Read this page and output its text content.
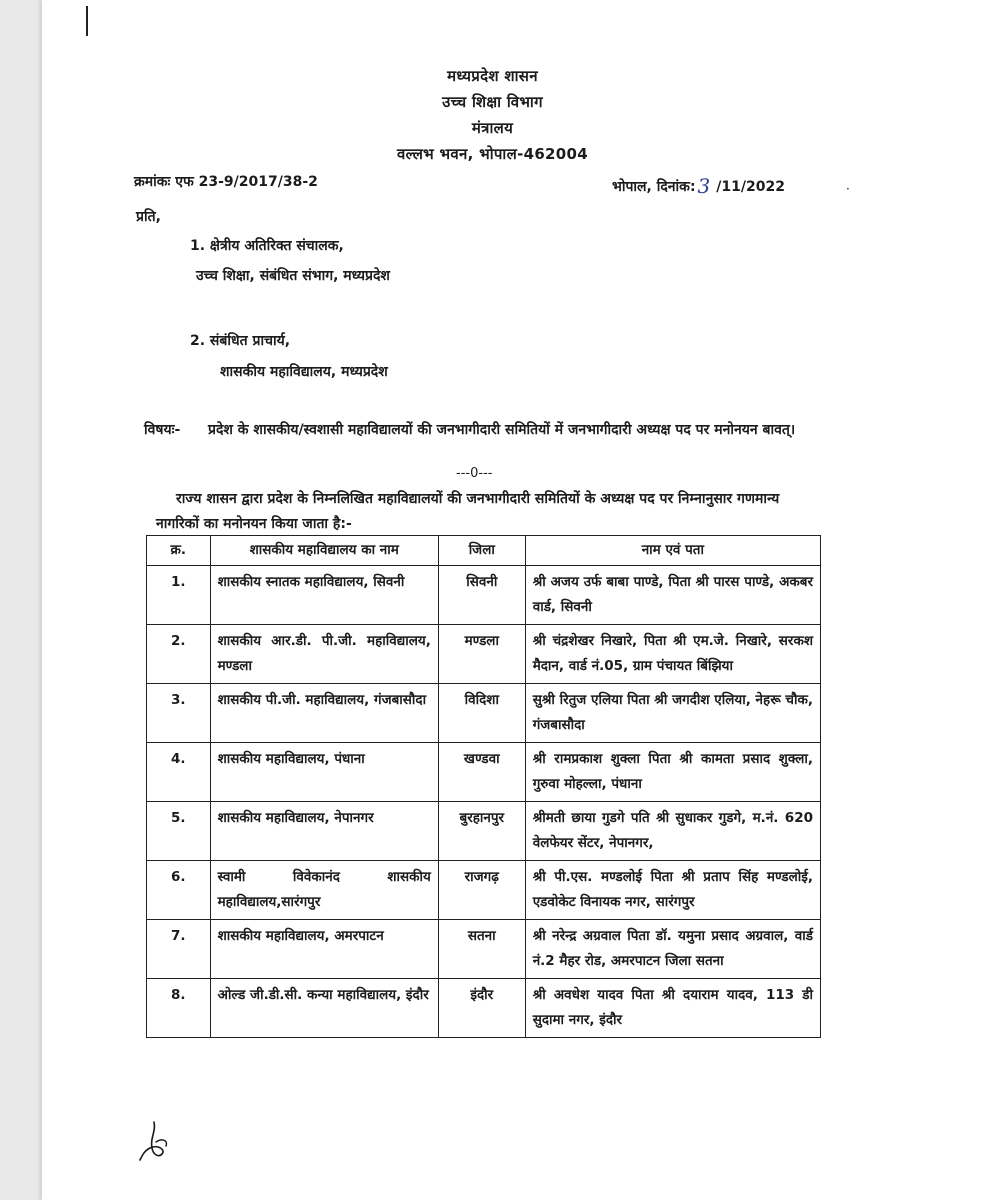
मध्यप्रदेश शासन
उच्च शिक्षा विभाग
मंत्रालय
वल्लभ भवन, भोपाल-462004
क्रमांकः एफ 23-9/2017/38-2	भोपाल, दिनांक: 3 /11/2022	·
प्रति,
1. क्षेत्रीय अतिरिक्त संचालक,
उच्च शिक्षा, संबंधित संभाग, मध्यप्रदेश
2. संबंधित प्राचार्य,
शासकीय महाविद्यालय, मध्यप्रदेश
विषयः- प्रदेश के शासकीय/स्वशासी महाविद्यालयों की जनभागीदारी समितियों में जनभागीदारी अध्यक्ष पद पर मनोनयन बावत्।
---0---
राज्य शासन द्वारा प्रदेश के निम्नलिखित महाविद्यालयों की जनभागीदारी समितियों के अध्यक्ष पद पर निम्नानुसार गणमान्य नागरिकों का मनोनयन किया जाता है:-
क्र.	शासकीय महाविद्यालय का नाम	जिला	नाम एवं पता
1.	शासकीय स्नातक महाविद्यालय, सिवनी	सिवनी	श्री अजय उर्फ बाबा पाण्डे, पिता श्री पारस पाण्डे, अकबर वार्ड, सिवनी
2.	शासकीय आर.डी. पी.जी. महाविद्यालय, मण्डला	मण्डला	श्री चंद्रशेखर निखारे, पिता श्री एम.जे. निखारे, सरकश मैदान, वार्ड नं.05, ग्राम पंचायत बिंझिया
3.	शासकीय पी.जी. महाविद्यालय, गंजबासौदा	विदिशा	सुश्री रितुज एलिया पिता श्री जगदीश एलिया, नेहरू चौक, गंजबासौदा
4.	शासकीय महाविद्यालय, पंधाना	खण्डवा	श्री रामप्रकाश शुक्ला पिता श्री कामता प्रसाद शुक्ला, गुरुवा मोहल्ला, पंधाना
5.	शासकीय महाविद्यालय, नेपानगर	बुरहानपुर	श्रीमती छाया गुडगे पति श्री सुधाकर गुडगे, म.नं. 620 वेलफेयर सेंटर, नेपानगर,
6.	स्वामी विवेकानंद शासकीय महाविद्यालय,सारंगपुर	राजगढ़	श्री पी.एस. मण्डलोई पिता श्री प्रताप सिंह मण्डलोई, एडवोकेट विनायक नगर, सारंगपुर
7.	शासकीय महाविद्यालय, अमरपाटन	सतना	श्री नरेन्द्र अग्रवाल पिता डॉ. यमुना प्रसाद अग्रवाल, वार्ड नं.2 मैहर रोड, अमरपाटन जिला सतना
8.	ओल्ड जी.डी.सी. कन्या महाविद्यालय, इंदौर	इंदौर	श्री अवधेश यादव पिता श्री दयाराम यादव, 113 डी सुदामा नगर, इंदौर
